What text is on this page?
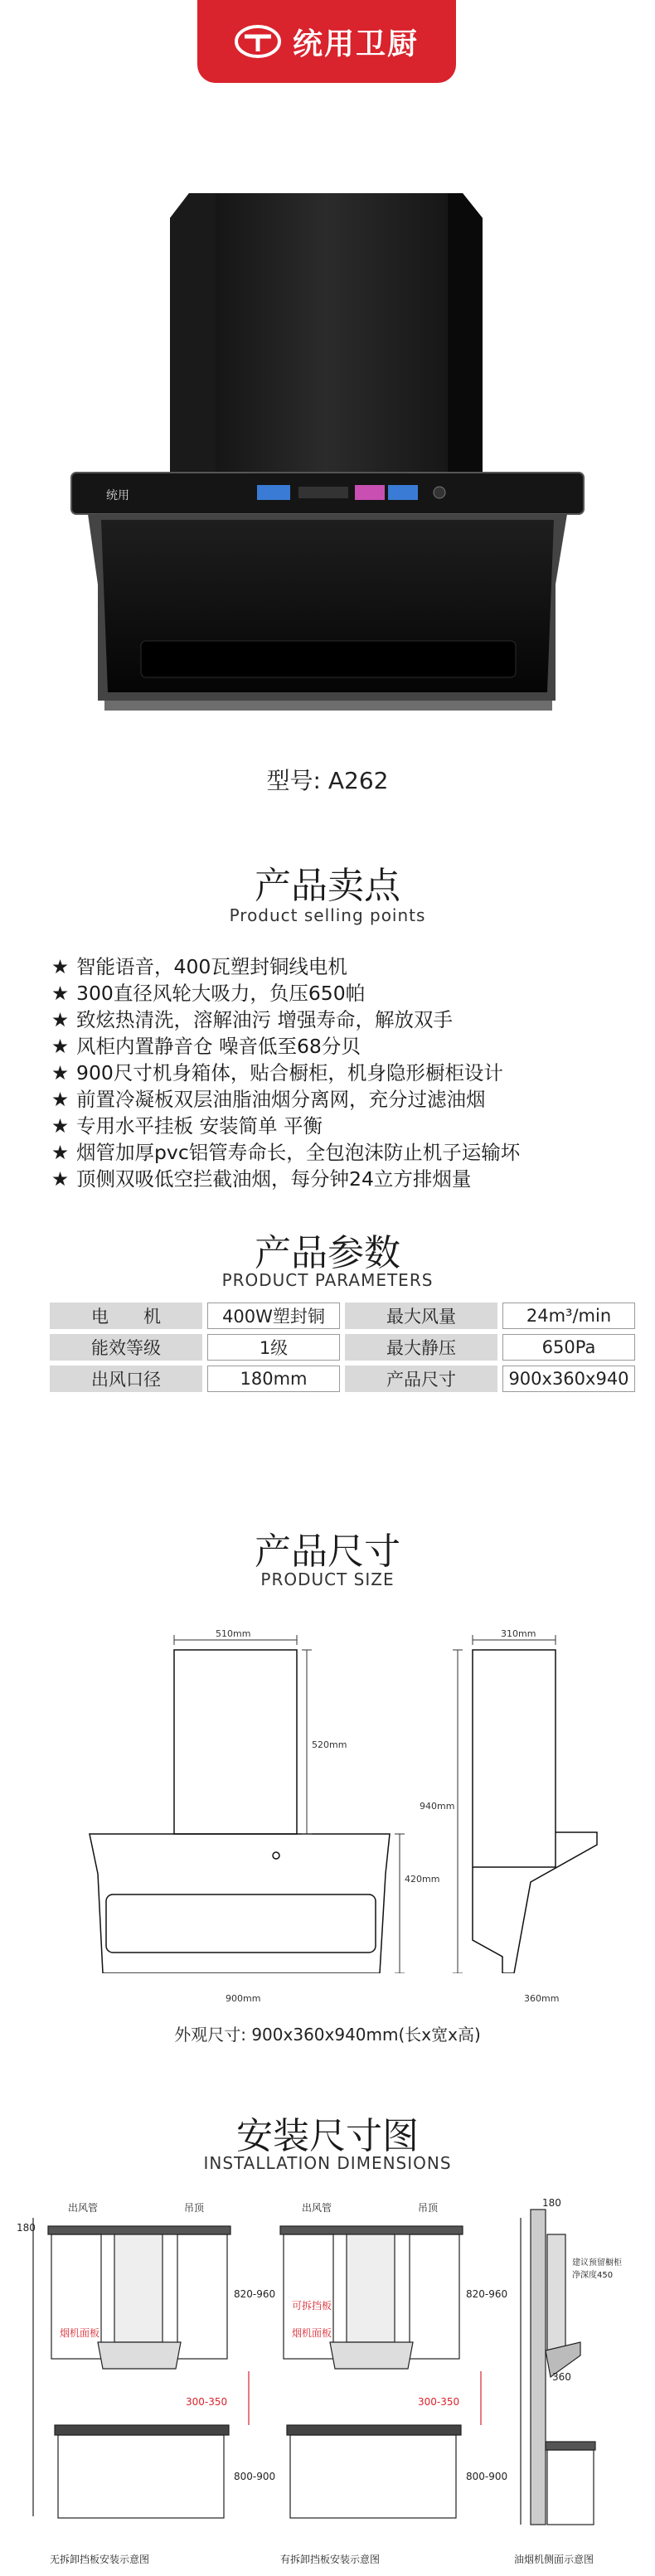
统用卫厨
统用
型号: A262
产品卖点
Product selling points
★ 智能语音，400瓦塑封铜线电机
★ 300直径风轮大吸力，负压650帕
★ 致炫热清洗，溶解油污 增强寿命，解放双手
★ 风柜内置静音仓 噪音低至68分贝
★ 900尺寸机身箱体，贴合橱柜，机身隐形橱柜设计
★ 前置冷凝板双层油脂油烟分离网，充分过滤油烟
★ 专用水平挂板 安装简单 平衡
★ 烟管加厚pvc铝管寿命长，全包泡沫防止机子运输坏
★ 顶侧双吸低空拦截油烟，每分钟24立方排烟量
产品参数
PRODUCT PARAMETERS
电　　机	400W塑封铜	最大风量	24m³/min
能效等级	1级	最大静压	650Pa
出风口径	180mm	产品尺寸	900x360x940
产品尺寸
PRODUCT SIZE
510mm
520mm
420mm
900mm
310mm
940mm
360mm
外观尺寸: 900x360x940mm(长x宽x高)
安装尺寸图
INSTALLATION DIMENSIONS
出风管	吊顶	出风管	吊顶
180
180
820-960	820-960
烟机面板
可拆挡板
烟机面板
300-350	300-350
800-900	800-900
建议预留橱柜
净深度450
360
无拆卸挡板安装示意图	有拆卸挡板安装示意图	油烟机侧面示意图
